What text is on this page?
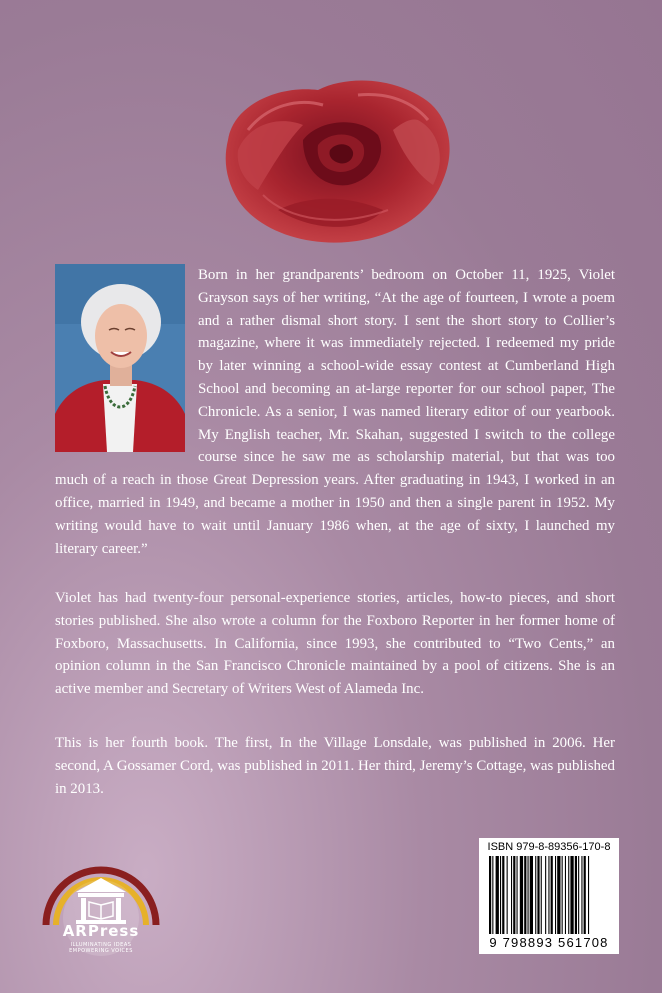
Born in her grandparents’ bedroom on October 11, 1925, Violet Grayson says of her writing, “At the age of fourteen, I wrote a poem and a rather dismal short story. I sent the short story to Collier’s magazine, where it was immediately rejected. I redeemed my pride by later winning a school-wide essay contest at Cumberland High School and becoming an at-large reporter for our school paper, The Chronicle. As a senior, I was named literary editor of our yearbook. My English teacher, Mr. Skahan, suggested I switch to the college course since he saw me as scholarship material, but that was too much of a reach in those Great Depression years. After graduating in 1943, I worked in an office, married in 1949, and became a mother in 1950 and then a single parent in 1952. My writing would have to wait until January 1986 when, at the age of sixty, I launched my literary career.”

Violet has had twenty-four personal-experience stories, articles, how-to pieces, and short stories published. She also wrote a column for the Foxboro Reporter in her former home of Foxboro, Massachusetts. In California, since 1993, she contributed to “Two Cents,” an opinion column in the San Francisco Chronicle maintained by a pool of citizens. She is an active member and Secretary of Writers West of Alameda Inc.

This is her fourth book. The first, In the Village Lonsdale, was published in 2006. Her second, A Gossamer Cord, was published in 2011. Her third, Jeremy’s Cottage, was published in 2013.

ARPress
ILLUMINATING IDEAS
EMPOWERING VOICES
ISBN 979-8-89356-170-8
9 798893 561708
